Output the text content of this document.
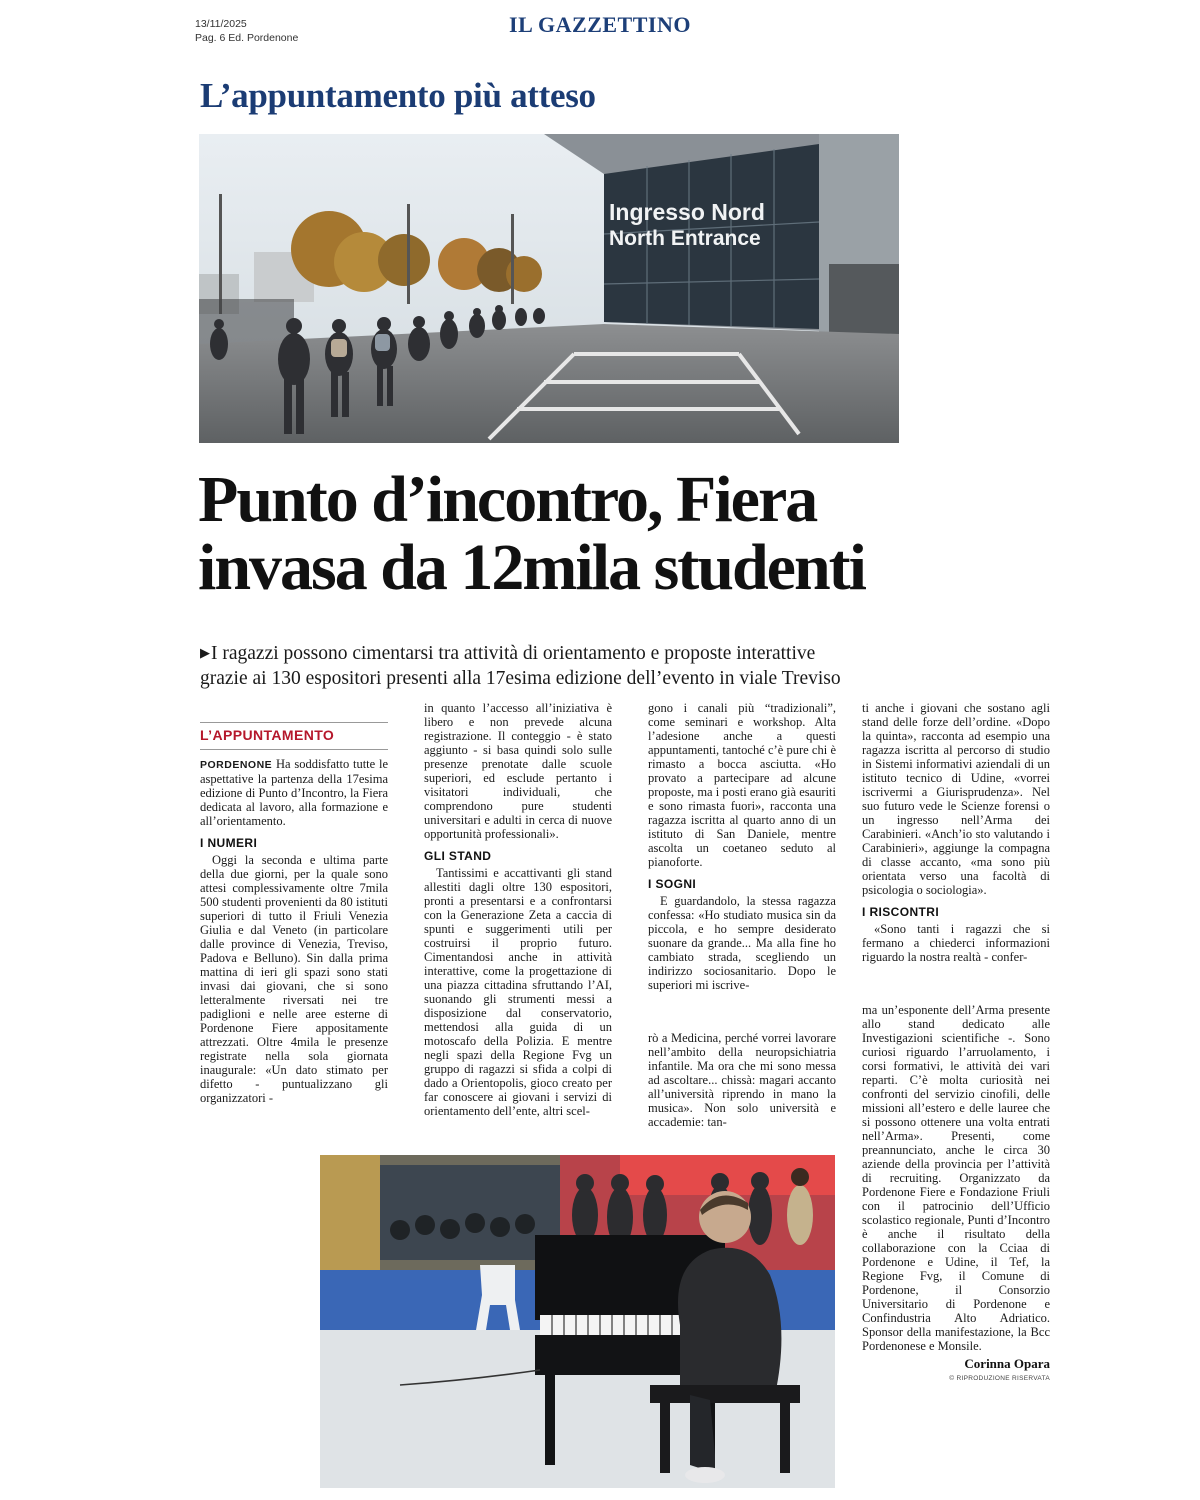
13/11/2025
Pag. 6 Ed. Pordenone
IL GAZZETTINO
L’appuntamento più atteso
Ingresso Nord
North Entrance
Punto d’incontro, Fiera
invasa da 12mila studenti
▶I ragazzi possono cimentarsi tra attività di orientamento e proposte interattive
grazie ai 130 espositori presenti alla 17esima edizione dell’evento in viale Treviso
L’APPUNTAMENTO

PORDENONE Ha soddisfatto tutte le aspettative la partenza della 17esima edizione di Punto d’Incontro, la Fiera dedicata al lavoro, alla formazione e all’orientamento.

I NUMERI

Oggi la seconda e ultima parte della due giorni, per la quale sono attesi complessivamente oltre 7mila 500 studenti provenienti da 80 istituti superiori di tutto il Friuli Venezia Giulia e dal Veneto (in particolare dalle province di Venezia, Treviso, Padova e Belluno). Sin dalla prima mattina di ieri gli spazi sono stati invasi dai giovani, che si sono letteralmente riversati nei tre padiglioni e nelle aree esterne di Pordenone Fiere appositamente attrezzati. Oltre 4mila le presenze registrate nella sola giornata inaugurale: «Un dato stimato per difetto - puntualizzano gli organizzatori -

in quanto l’accesso all’iniziativa è libero e non prevede alcuna registrazione. Il conteggio - è stato aggiunto - si basa quindi solo sulle presenze prenotate dalle scuole superiori, ed esclude pertanto i visitatori individuali, che comprendono pure studenti universitari e adulti in cerca di nuove opportunità professionali».

GLI STAND

Tantissimi e accattivanti gli stand allestiti dagli oltre 130 espositori, pronti a presentarsi e a confrontarsi con la Generazione Zeta a caccia di spunti e suggerimenti utili per costruirsi il proprio futuro. Cimentandosi anche in attività interattive, come la progettazione di una piazza cittadina sfruttando l’AI, suonando gli strumenti messi a disposizione dal conservatorio, mettendosi alla guida di un motoscafo della Polizia. E mentre negli spazi della Regione Fvg un gruppo di ragazzi si sfida a colpi di dado a Orientopolis, gioco creato per far conoscere ai giovani i servizi di orientamento dell’ente, altri scel-

gono i canali più “tradizionali”, come seminari e workshop. Alta l’adesione anche a questi appuntamenti, tantoché c’è pure chi è rimasto a bocca asciutta. «Ho provato a partecipare ad alcune proposte, ma i posti erano già esauriti e sono rimasta fuori», racconta una ragazza iscritta al quarto anno di un istituto di San Daniele, mentre ascolta un coetaneo seduto al pianoforte.

I SOGNI

E guardandolo, la stessa ragazza confessa: «Ho studiato musica sin da piccola, e ho sempre desiderato suonare da grande... Ma alla fine ho cambiato strada, scegliendo un indirizzo sociosanitario. Dopo le superiori mi iscrive-

rò a Medicina, perché vorrei lavorare nell’ambito della neuropsichiatria infantile. Ma ora che mi sono messa ad ascoltare... chissà: magari accanto all’università riprendo in mano la musica». Non solo università e accademie: tan-

ti anche i giovani che sostano agli stand delle forze dell’ordine. «Dopo la quinta», racconta ad esempio una ragazza iscritta al percorso di studio in Sistemi informativi aziendali di un istituto tecnico di Udine, «vorrei iscrivermi a Giurisprudenza». Nel suo futuro vede le Scienze forensi o un ingresso nell’Arma dei Carabinieri. «Anch’io sto valutando i Carabinieri», aggiunge la compagna di classe accanto, «ma sono più orientata verso una facoltà di psicologia o sociologia».

I RISCONTRI

«Sono tanti i ragazzi che si fermano a chiederci informazioni riguardo la nostra realtà - confer-

ma un’esponente dell’Arma presente allo stand dedicato alle Investigazioni scientifiche -. Sono curiosi riguardo l’arruolamento, i corsi formativi, le attività dei vari reparti. C’è molta curiosità nei confronti del servizio cinofili, delle missioni all’estero e delle lauree che si possono ottenere una volta entrati nell’Arma». Presenti, come preannunciato, anche le circa 30 aziende della provincia per l’attività di recruiting. Organizzato da Pordenone Fiere e Fondazione Friuli con il patrocinio dell’Ufficio scolastico regionale, Punti d’Incontro è anche il risultato della collaborazione con la Cciaa di Pordenone e Udine, il Tef, la Regione Fvg, il Comune di Pordenone, il Consorzio Universitario di Pordenone e Confindustria Alto Adriatico. Sponsor della manifestazione, la Bcc Pordenonese e Monsile.

Corinna Opara
© RIPRODUZIONE RISERVATA
